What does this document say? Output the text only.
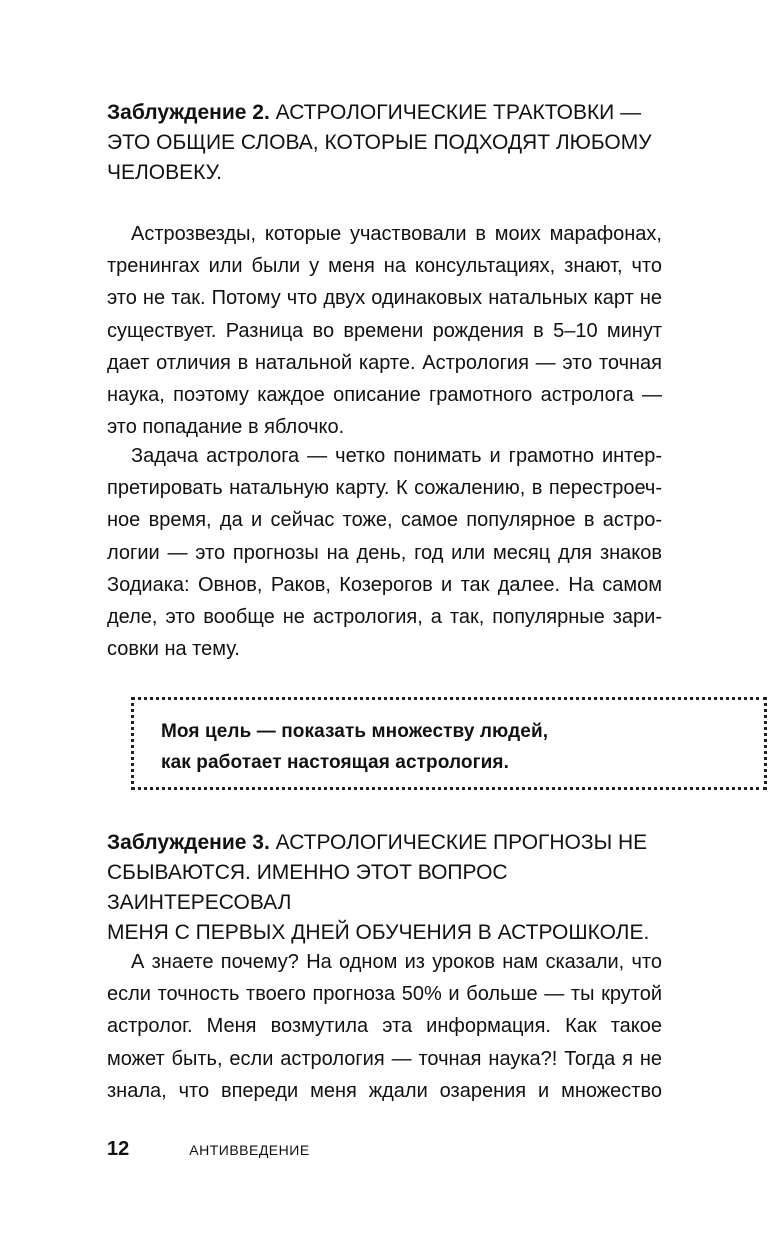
Заблуждение 2. АСТРОЛОГИЧЕСКИЕ ТРАКТОВКИ —
ЭТО ОБЩИЕ СЛОВА, КОТОРЫЕ ПОДХОДЯТ ЛЮБОМУ
ЧЕЛОВЕКУ.
Астрозвезды, которые участвовали в моих марафонах,
тренингах или были у меня на консультациях, знают, что
это не так. Потому что двух одинаковых натальных карт не
существует. Разница во времени рождения в 5–10 минут
дает отличия в натальной карте. Астрология — это точная
наука, поэтому каждое описание грамотного астролога —
это попадание в яблочко.
Задача астролога — четко понимать и грамотно интер-
претировать натальную карту. К сожалению, в перестроеч-
ное время, да и сейчас тоже, самое популярное в астро-
логии — это прогнозы на день, год или месяц для знаков
Зодиака: Овнов, Раков, Козерогов и так далее. На самом
деле, это вообще не астрология, а так, популярные зари-
совки на тему.
Моя цель — показать множеству людей,
как работает настоящая астрология.
Заблуждение 3. АСТРОЛОГИЧЕСКИЕ ПРОГНОЗЫ НЕ
СБЫВАЮТСЯ. ИМЕННО ЭТОТ ВОПРОС ЗАИНТЕРЕСОВАЛ
МЕНЯ С ПЕРВЫХ ДНЕЙ ОБУЧЕНИЯ В АСТРОШКОЛЕ.
А знаете почему? На одном из уроков нам сказали, что
если точность твоего прогноза 50% и больше — ты крутой
астролог. Меня возмутила эта информация. Как такое
может быть, если астрология — точная наука?! Тогда я не
знала, что впереди меня ждали озарения и множество
12	АНТИВВЕДЕНИЕ
